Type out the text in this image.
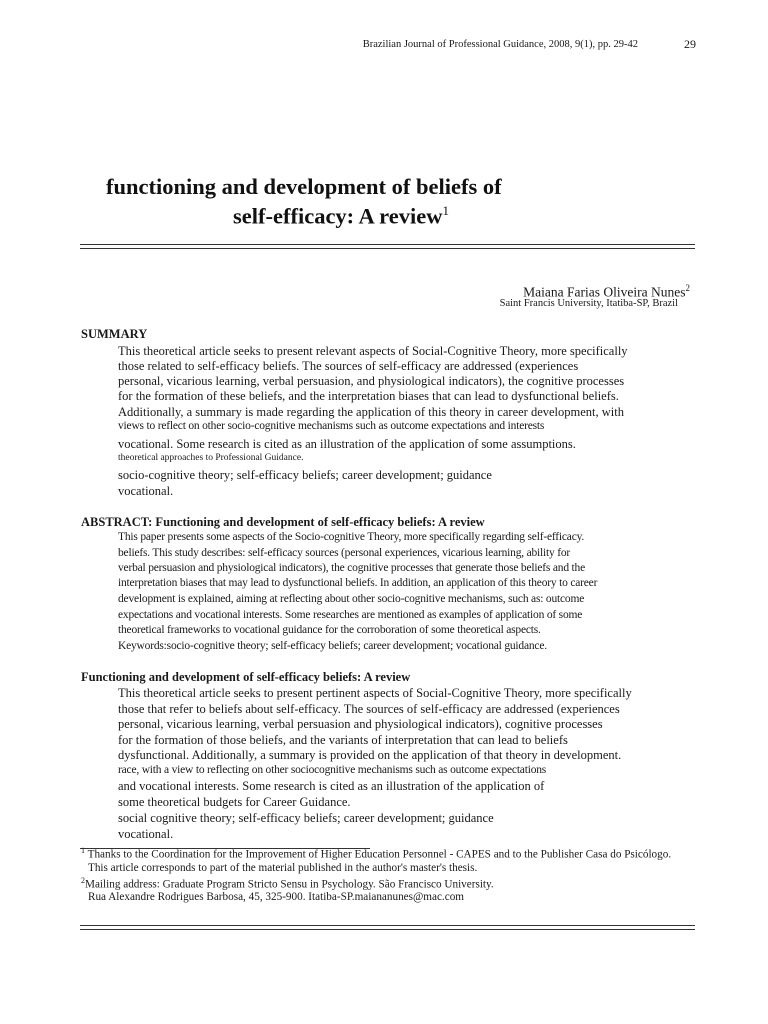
Brazilian Journal of Professional Guidance, 2008, 9(1), pp. 29-42	29
functioning and development of beliefs of
self-efficacy: A review$^1$
Maiana Farias Oliveira Nunes$^2$
Saint Francis University, Itatiba-SP, Brazil
SUMMARY
This theoretical article seeks to present relevant aspects of Social-Cognitive Theory, more specifically
those related to self-efficacy beliefs. The sources of self-efficacy are addressed (experiences
personal, vicarious learning, verbal persuasion, and physiological indicators), the cognitive processes
for the formation of these beliefs, and the interpretation biases that can lead to dysfunctional beliefs.
Additionally, a summary is made regarding the application of this theory in career development, with
views to reflect on other socio-cognitive mechanisms such as outcome expectations and interests
vocational. Some research is cited as an illustration of the application of some assumptions.
theoretical approaches to Professional Guidance.
socio-cognitive theory; self-efficacy beliefs; career development; guidance
vocational.
ABSTRACT: Functioning and development of self-efficacy beliefs: A review
This paper presents some aspects of the Socio-cognitive Theory, more specifically regarding self-efficacy.
beliefs. This study describes: self-efficacy sources (personal experiences, vicarious learning, ability for
verbal persuasion and physiological indicators), the cognitive processes that generate those beliefs and the
interpretation biases that may lead to dysfunctional beliefs. In addition, an application of this theory to career
development is explained, aiming at reflecting about other socio-cognitive mechanisms, such as: outcome
expectations and vocational interests. Some researches are mentioned as examples of application of some
theoretical frameworks to vocational guidance for the corroboration of some theoretical aspects.
Keywords:socio-cognitive theory; self-efficacy beliefs; career development; vocational guidance.
Functioning and development of self-efficacy beliefs: A review
This theoretical article seeks to present pertinent aspects of Social-Cognitive Theory, more specifically
those that refer to beliefs about self-efficacy. The sources of self-efficacy are addressed (experiences
personal, vicarious learning, verbal persuasion and physiological indicators), cognitive processes
for the formation of those beliefs, and the variants of interpretation that can lead to beliefs
dysfunctional. Additionally, a summary is provided on the application of that theory in development.
race, with a view to reflecting on other sociocognitive mechanisms such as outcome expectations
and vocational interests. Some research is cited as an illustration of the application of
some theoretical budgets for Career Guidance.
social cognitive theory; self-efficacy beliefs; career development; guidance
vocational.
$^1$ Thanks to the Coordination for the Improvement of Higher Education Personnel - CAPES and to the Publisher Casa do Psicólogo.
This article corresponds to part of the material published in the author's master's thesis.
$^2$Mailing address: Graduate Program Stricto Sensu in Psychology. São Francisco University.
Rua Alexandre Rodrigues Barbosa, 45, 325-900. Itatiba-SP.maiananunes@mac.com
